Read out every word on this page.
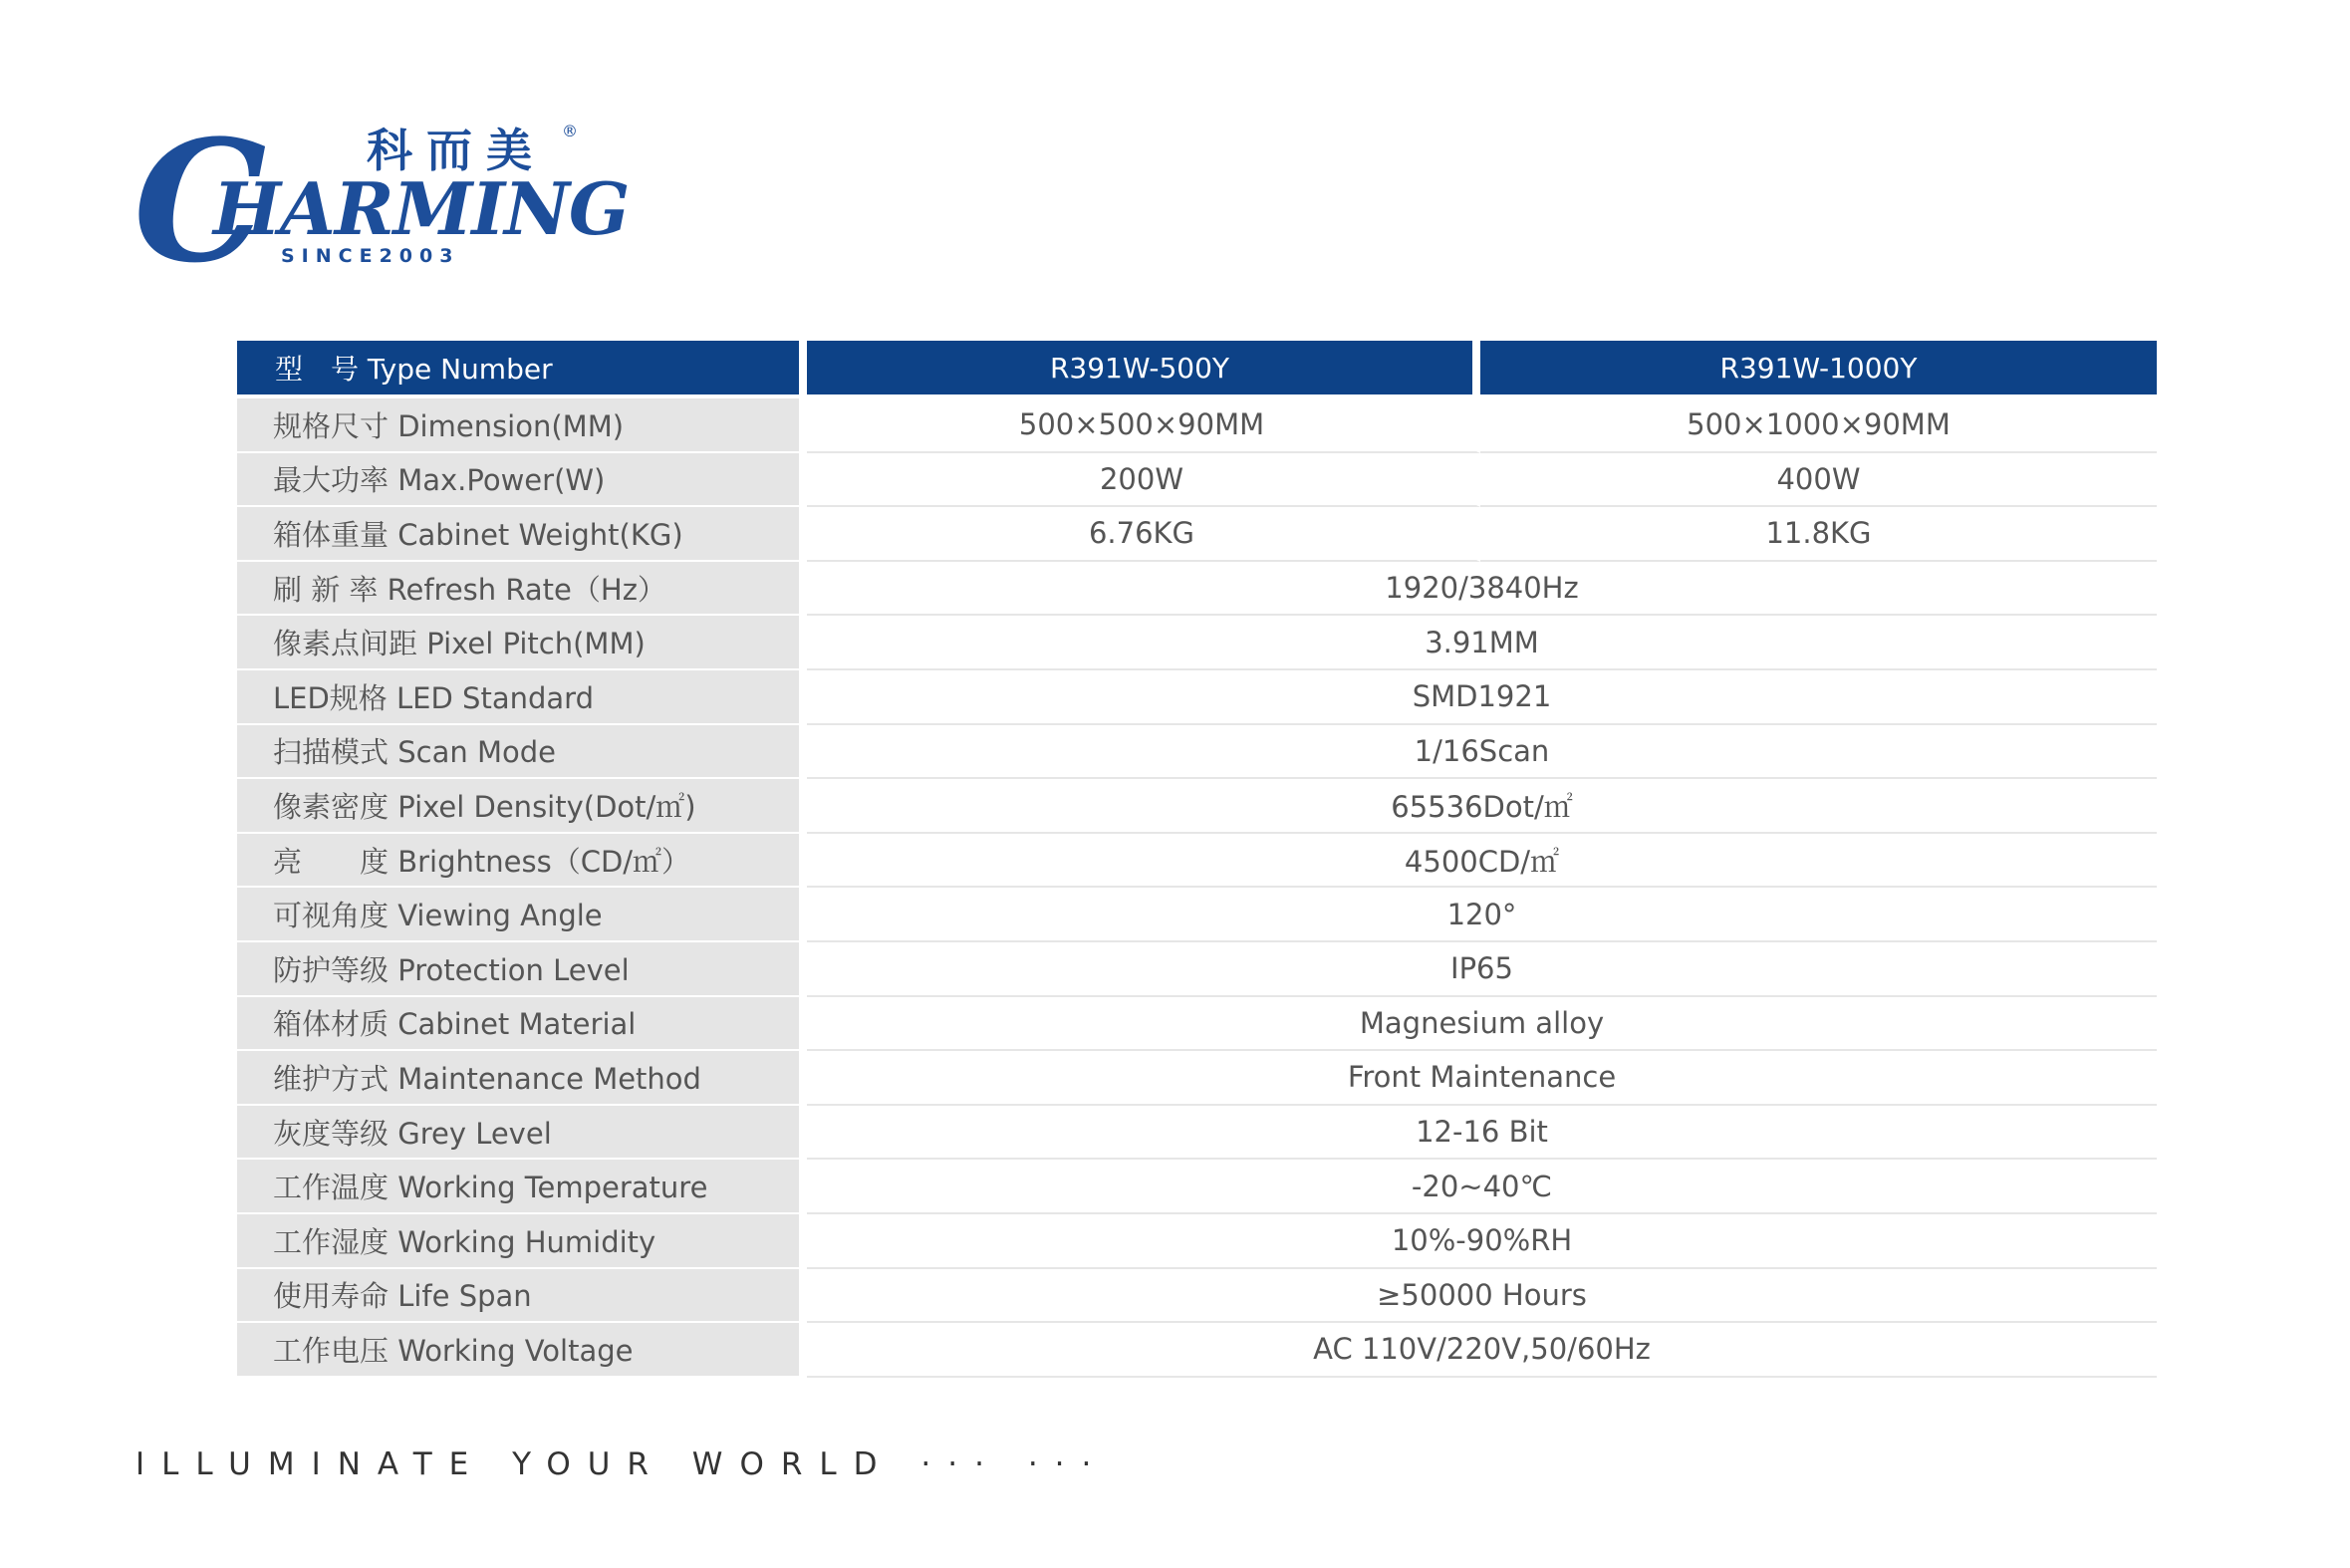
C
HARMING
科而美 ®
SINCE2003
型　号 Type Number	R391W-500Y	R391W-1000Y
规格尺寸 Dimension(MM)	500×500×90MM	500×1000×90MM
最大功率 Max.Power(W)	200W	400W
箱体重量 Cabinet Weight(KG)	6.76KG	11.8KG
刷 新 率 Refresh Rate（Hz）	1920/3840Hz	
像素点间距 Pixel Pitch(MM)	3.91MM	
LED规格 LED Standard	SMD1921	
扫描模式 Scan Mode	1/16Scan	
像素密度 Pixel Density(Dot/㎡)	65536Dot/㎡	
亮　　度 Brightness（CD/㎡）	4500CD/㎡	
可视角度 Viewing Angle	120°	
防护等级 Protection Level	IP65	
箱体材质 Cabinet Material	Magnesium alloy	
维护方式 Maintenance Method	Front Maintenance	
灰度等级 Grey Level	12-16 Bit	
工作温度 Working Temperature	-20~40℃	
工作湿度 Working Humidity	10%-90%RH	
使用寿命 Life Span	≥50000 Hours	
工作电压 Working Voltage	AC 110V/220V,50/60Hz	
ILLUMINATE YOUR WORLD ··· ···
